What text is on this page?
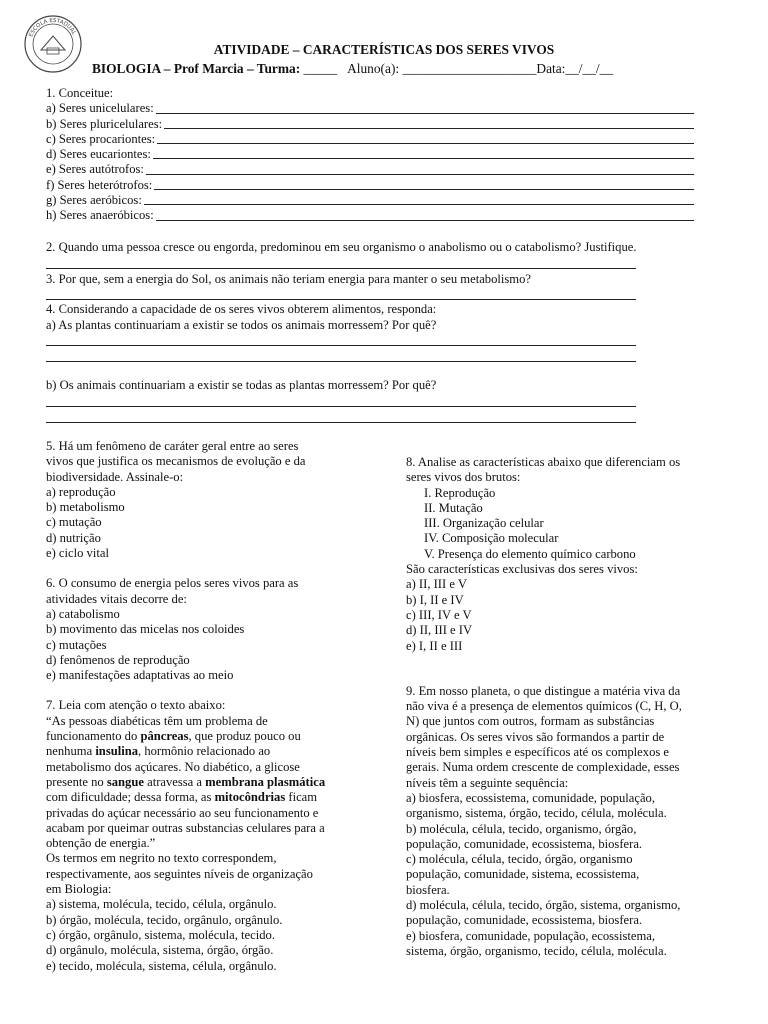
ESCOLA ESTADUAL
ATIVIDADE – CARACTERÍSTICAS DOS SERES VIVOS
BIOLOGIA – Prof Marcia – Turma: _____ Aluno(a): ____________________Data:__/__/__
1. Conceitue:
a) Seres unicelulares:
b) Seres pluricelulares:
c) Seres procariontes:
d) Seres eucariontes:
e) Seres autótrofos:
f) Seres heterótrofos:
g) Seres aeróbicos:
h) Seres anaeróbicos:
2. Quando uma pessoa cresce ou engorda, predominou em seu organismo o anabolismo ou o catabolismo? Justifique.
3. Por que, sem a energia do Sol, os animais não teriam energia para manter o seu metabolismo?
4. Considerando a capacidade de os seres vivos obterem alimentos, responda:
a) As plantas continuariam a existir se todos os animais morressem? Por quê?
b) Os animais continuariam a existir se todas as plantas morressem? Por quê?
5. Há um fenômeno de caráter geral entre ao seres
vivos que justifica os mecanismos de evolução e da
biodiversidade. Assinale-o:
a) reprodução
b) metabolismo
c) mutação
d) nutrição
e) ciclo vital
6. O consumo de energia pelos seres vivos para as
atividades vitais decorre de:
a) catabolismo
b) movimento das micelas nos coloides
c) mutações
d) fenômenos de reprodução
e) manifestações adaptativas ao meio
7. Leia com atenção o texto abaixo:
“As pessoas diabéticas têm um problema de
funcionamento do pâncreas, que produz pouco ou
nenhuma insulina, hormônio relacionado ao
metabolismo dos açúcares. No diabético, a glicose
presente no sangue atravessa a membrana plasmática
com dificuldade; dessa forma, as mitocôndrias ficam
privadas do açúcar necessário ao seu funcionamento e
acabam por queimar outras substancias celulares para a
obtenção de energia.”
Os termos em negrito no texto correspondem,
respectivamente, aos seguintes níveis de organização
em Biologia:
a) sistema, molécula, tecido, célula, orgânulo.
b) órgão, molécula, tecido, orgânulo, orgânulo.
c) órgão, orgânulo, sistema, molécula, tecido.
d) orgânulo, molécula, sistema, órgão, órgão.
e) tecido, molécula, sistema, célula, orgânulo.
8. Analise as características abaixo que diferenciam os
seres vivos dos brutos:
I. Reprodução
II. Mutação
III. Organização celular
IV. Composição molecular
V. Presença do elemento químico carbono
São características exclusivas dos seres vivos:
a) II, III e V
b) I, II e IV
c) III, IV e V
d) II, III e IV
e) I, II e III
9. Em nosso planeta, o que distingue a matéria viva da
não viva é a presença de elementos químicos (C, H, O,
N) que juntos com outros, formam as substâncias
orgânicas. Os seres vivos são formandos a partir de
níveis bem simples e específicos até os complexos e
gerais. Numa ordem crescente de complexidade, esses
níveis têm a seguinte sequência:
a) biosfera, ecossistema, comunidade, população,
organismo, sistema, órgão, tecido, célula, molécula.
b) molécula, célula, tecido, organismo, órgão,
população, comunidade, ecossistema, biosfera.
c) molécula, célula, tecido, órgão, organismo
população, comunidade, sistema, ecossistema,
biosfera.
d) molécula, célula, tecido, órgão, sistema, organismo,
população, comunidade, ecossistema, biosfera.
e) biosfera, comunidade, população, ecossistema,
sistema, órgão, organismo, tecido, célula, molécula.
